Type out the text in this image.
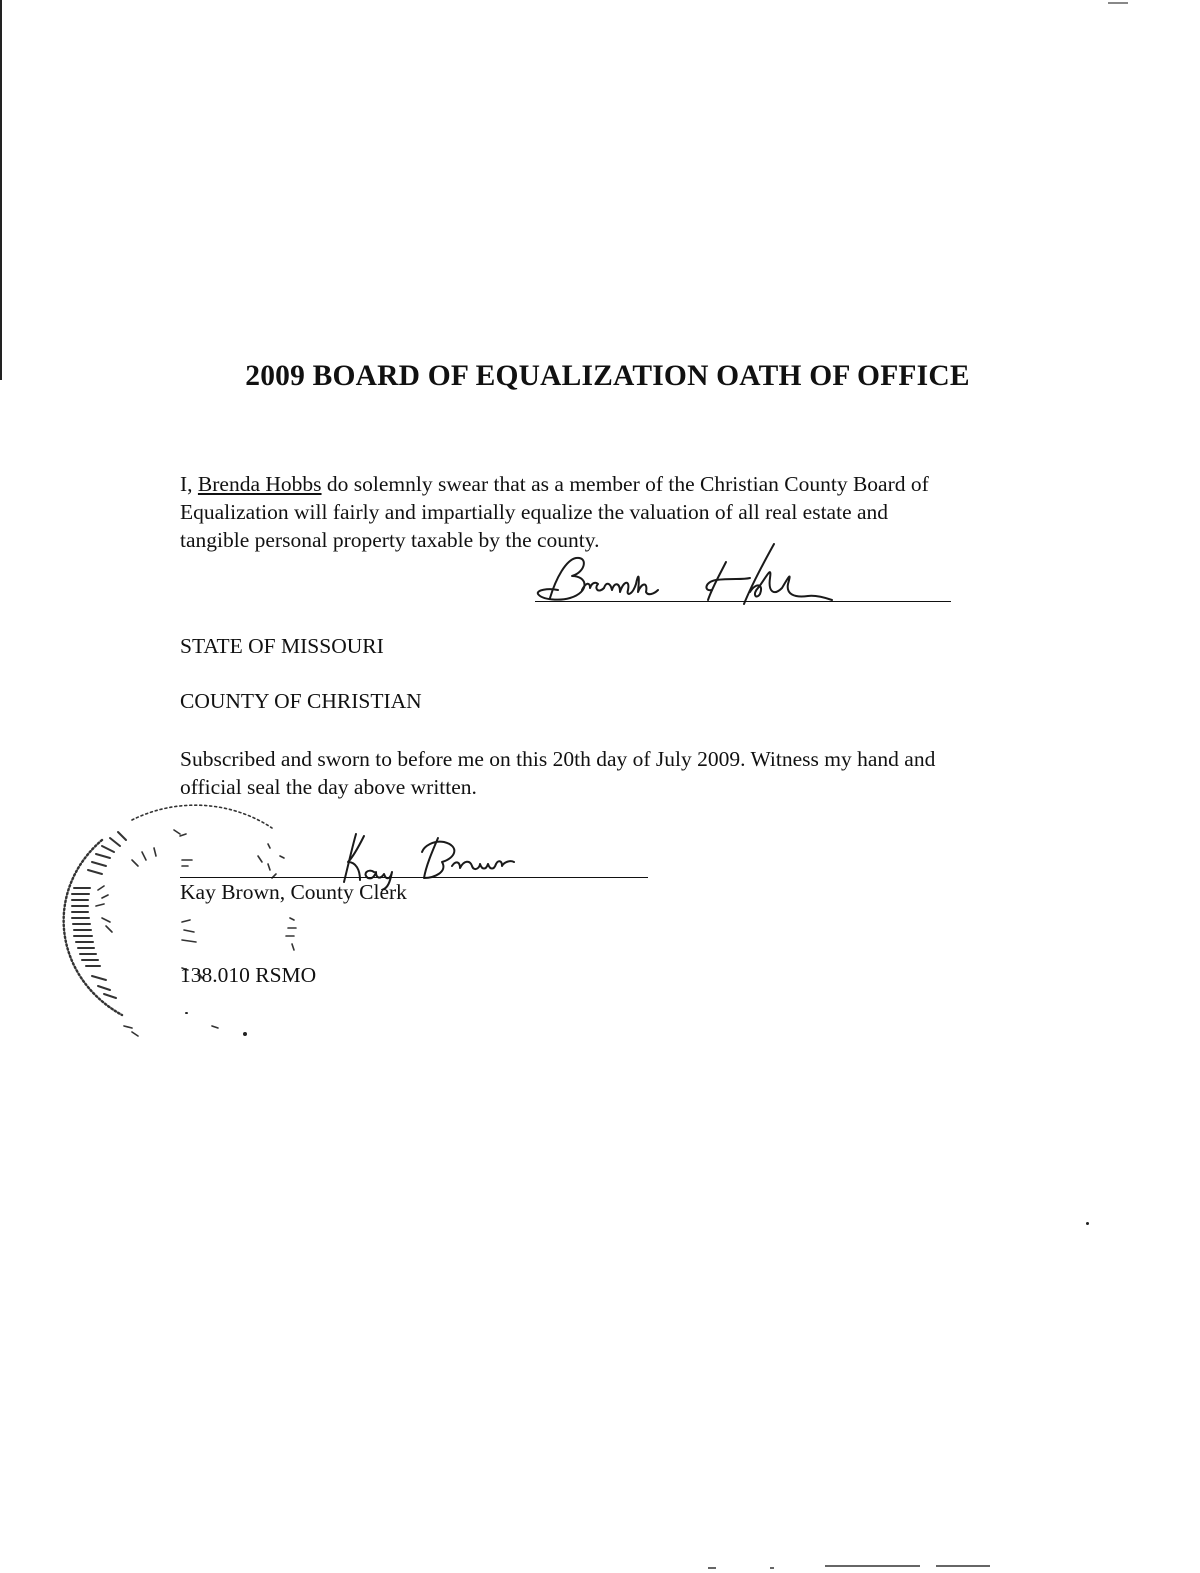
2009 BOARD OF EQUALIZATION OATH OF OFFICE

I, Brenda Hobbs do solemnly swear that as a member of the Christian County Board of
Equalization will fairly and impartially equalize the valuation of all real estate and
tangible personal property taxable by the county.

STATE OF MISSOURI

COUNTY OF CHRISTIAN

Subscribed and sworn to before me on this 20th day of July 2009. Witness my hand and
official seal the day above written.

Kay Brown, County Clerk

138.010 RSMO
